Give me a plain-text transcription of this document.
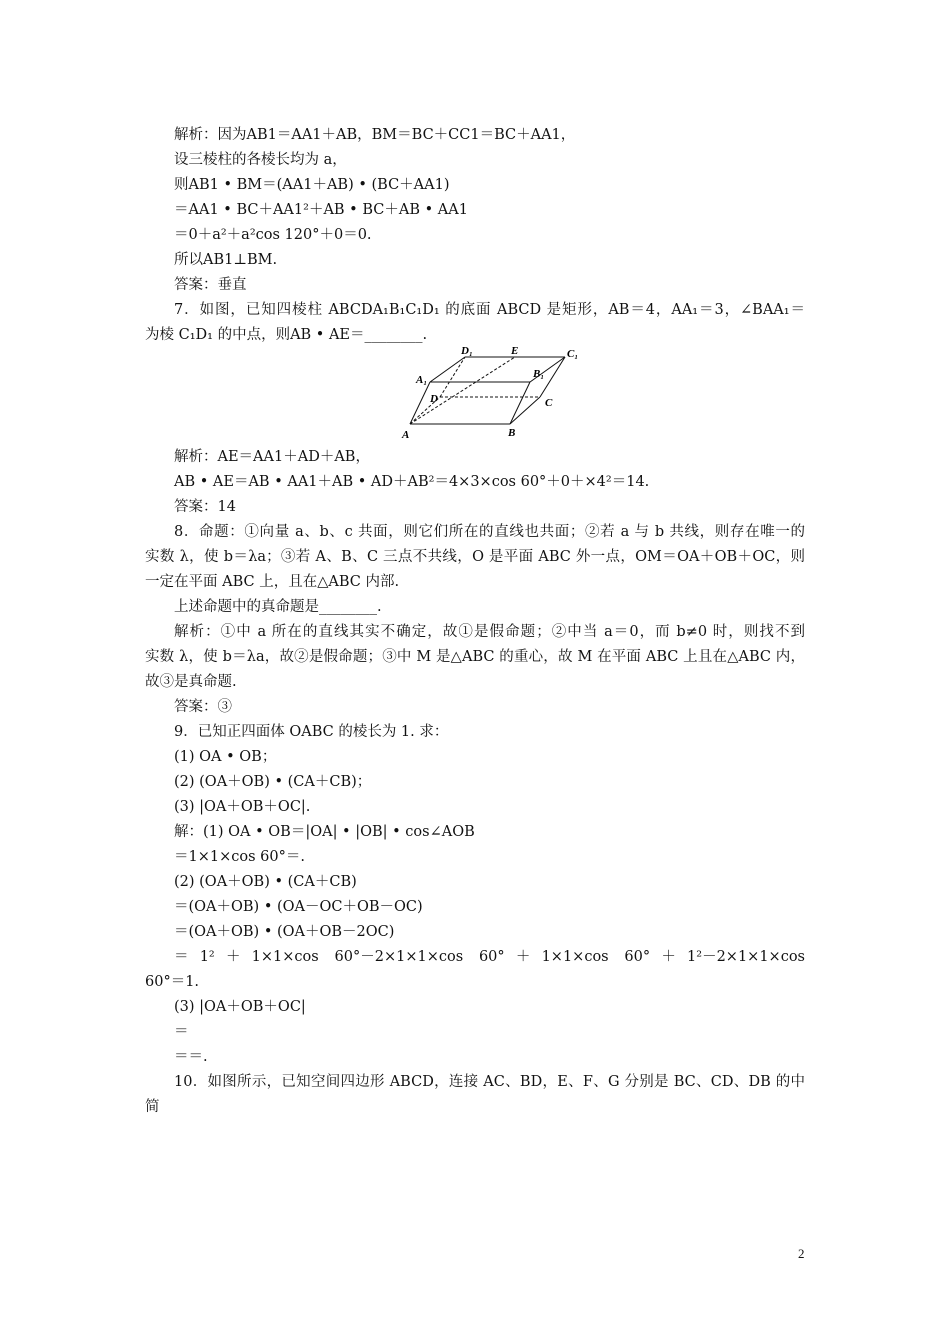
解析：因为AB1＝AA1＋AB，BM＝BC＋CC1＝BC＋AA1，
设三棱柱的各棱长均为 a，
则AB1 • BM＝(AA1＋AB) • (BC＋AA1)
＝AA1 • BC＋AA1²＋AB • BC＋AB • AA1
＝0＋a²＋a²cos 120°＋0＝0.
所以AB1⊥BM.
答案：垂直
7．如图，已知四棱柱 ABCDA₁B₁C₁D₁ 的底面 ABCD 是矩形，AB＝4，AA₁＝3，∠BAA₁＝
为棱 C₁D₁ 的中点，则AB • AE＝________.
解析：AE＝AA1＋AD＋AB，
AB • AE＝AB • AA1＋AB • AD＋AB²＝4×3×cos 60°＋0＋×4²＝14.
答案：14
8．命题：①向量 a、b、c 共面，则它们所在的直线也共面；②若 a 与 b 共线，则存在唯一的
实数 λ，使 b＝λa；③若 A、B、C 三点不共线，O 是平面 ABC 外一点，OM＝OA＋OB＋OC，则
一定在平面 ABC 上，且在△ABC 内部.
上述命题中的真命题是________.
解析：①中 a 所在的直线其实不确定，故①是假命题；②中当 a＝0，而 b≠0 时，则找不到
实数 λ，使 b＝λa，故②是假命题；③中 M 是△ABC 的重心，故 M 在平面 ABC 上且在△ABC 内，
故③是真命题.
答案：③
9．已知正四面体 OABC 的棱长为 1. 求：
(1) OA • OB；
(2) (OA＋OB) • (CA＋CB)；
(3) |OA＋OB＋OC|.
解：(1) OA • OB＝|OA| • |OB| • cos∠AOB
＝1×1×cos 60°＝.
(2) (OA＋OB) • (CA＋CB)
＝(OA＋OB) • (OA－OC＋OB－OC)
＝(OA＋OB) • (OA＋OB－2OC)
＝1²＋1×1×cos 60°－2×1×1×cos 60°＋1×1×cos 60°＋1²－2×1×1×cos
60°＝1.
(3) |OA＋OB＋OC|
＝
＝＝.
10．如图所示，已知空间四边形 ABCD，连接 AC、BD，E、F、G 分别是 BC、CD、DB 的中
简
D₁	E	C₁
A₁	B₁
D	C
A	B
2
